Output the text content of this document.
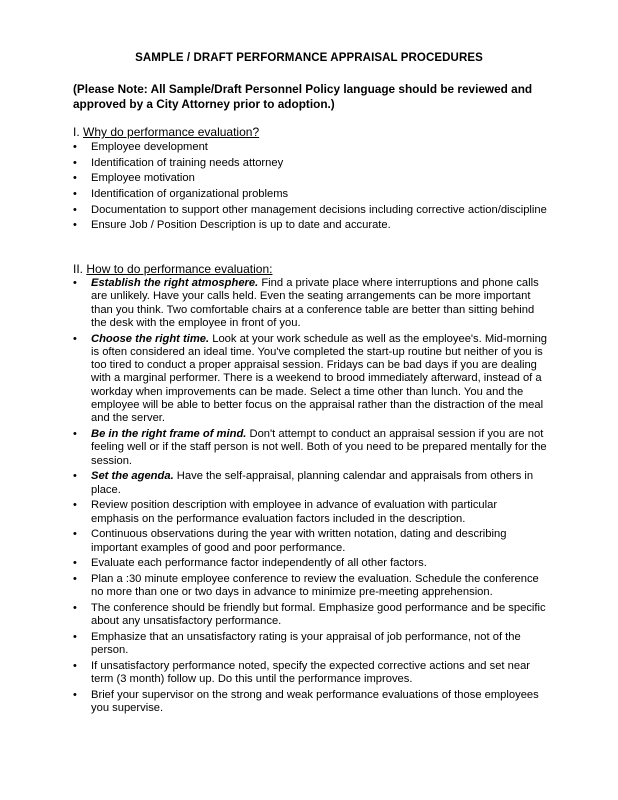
SAMPLE / DRAFT PERFORMANCE APPRAISAL PROCEDURES
(Please Note: All Sample/Draft Personnel Policy language should be reviewed and approved by a City Attorney prior to adoption.)
I. Why do performance evaluation?
•	Employee development
•	Identification of training needs attorney
•	Employee motivation
•	Identification of organizational problems
•	Documentation to support other management decisions including corrective action/discipline
•	Ensure Job / Position Description is up to date and accurate.
II. How to do performance evaluation:
•	Establish the right atmosphere. Find a private place where interruptions and phone calls are unlikely. Have your calls held. Even the seating arrangements can be more important than you think. Two comfortable chairs at a conference table are better than sitting behind the desk with the employee in front of you.
•	Choose the right time. Look at your work schedule as well as the employee's. Mid-morning is often considered an ideal time. You've completed the start-up routine but neither of you is too tired to conduct a proper appraisal session. Fridays can be bad days if you are dealing with a marginal performer. There is a weekend to brood immediately afterward, instead of a workday when improvements can be made. Select a time other than lunch. You and the employee will be able to better focus on the appraisal rather than the distraction of the meal and the server.
•	Be in the right frame of mind. Don't attempt to conduct an appraisal session if you are not feeling well or if the staff person is not well. Both of you need to be prepared mentally for the session.
•	Set the agenda. Have the self-appraisal, planning calendar and appraisals from others in place.
•	Review position description with employee in advance of evaluation with particular emphasis on the performance evaluation factors included in the description.
•	Continuous observations during the year with written notation, dating and describing important examples of good and poor performance.
•	Evaluate each performance factor independently of all other factors.
•	Plan a :30 minute employee conference to review the evaluation. Schedule the conference no more than one or two days in advance to minimize pre-meeting apprehension.
•	The conference should be friendly but formal. Emphasize good performance and be specific about any unsatisfactory performance.
•	Emphasize that an unsatisfactory rating is your appraisal of job performance, not of the person.
•	If unsatisfactory performance noted, specify the expected corrective actions and set near term (3 month) follow up. Do this until the performance improves.
•	Brief your supervisor on the strong and weak performance evaluations of those employees you supervise.
